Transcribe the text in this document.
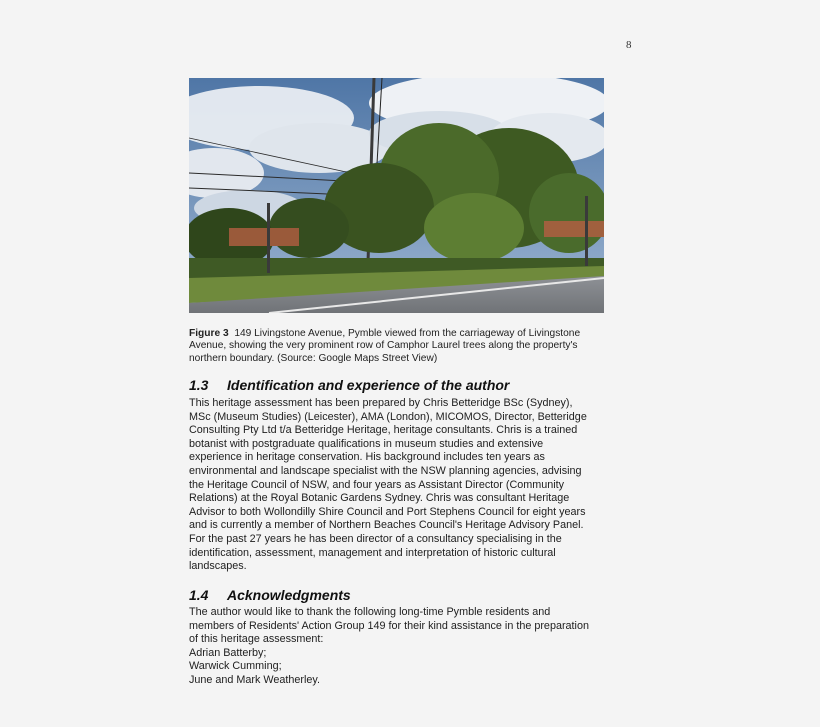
8
Figure 3 149 Livingstone Avenue, Pymble viewed from the carriageway of Livingstone
Avenue, showing the very prominent row of Camphor Laurel trees along the property's
northern boundary. (Source: Google Maps Street View)
1.3 Identification and experience of the author
This heritage assessment has been prepared by Chris Betteridge BSc (Sydney),
MSc (Museum Studies) (Leicester), AMA (London), MICOMOS, Director, Betteridge
Consulting Pty Ltd t/a Betteridge Heritage, heritage consultants. Chris is a trained
botanist with postgraduate qualifications in museum studies and extensive
experience in heritage conservation. His background includes ten years as
environmental and landscape specialist with the NSW planning agencies, advising
the Heritage Council of NSW, and four years as Assistant Director (Community
Relations) at the Royal Botanic Gardens Sydney. Chris was consultant Heritage
Advisor to both Wollondilly Shire Council and Port Stephens Council for eight years
and is currently a member of Northern Beaches Council's Heritage Advisory Panel.
For the past 27 years he has been director of a consultancy specialising in the
identification, assessment, management and interpretation of historic cultural
landscapes.
1.4 Acknowledgments
The author would like to thank the following long-time Pymble residents and
members of Residents' Action Group 149 for their kind assistance in the preparation
of this heritage assessment:
Adrian Batterby;
Warwick Cumming;
June and Mark Weatherley.
